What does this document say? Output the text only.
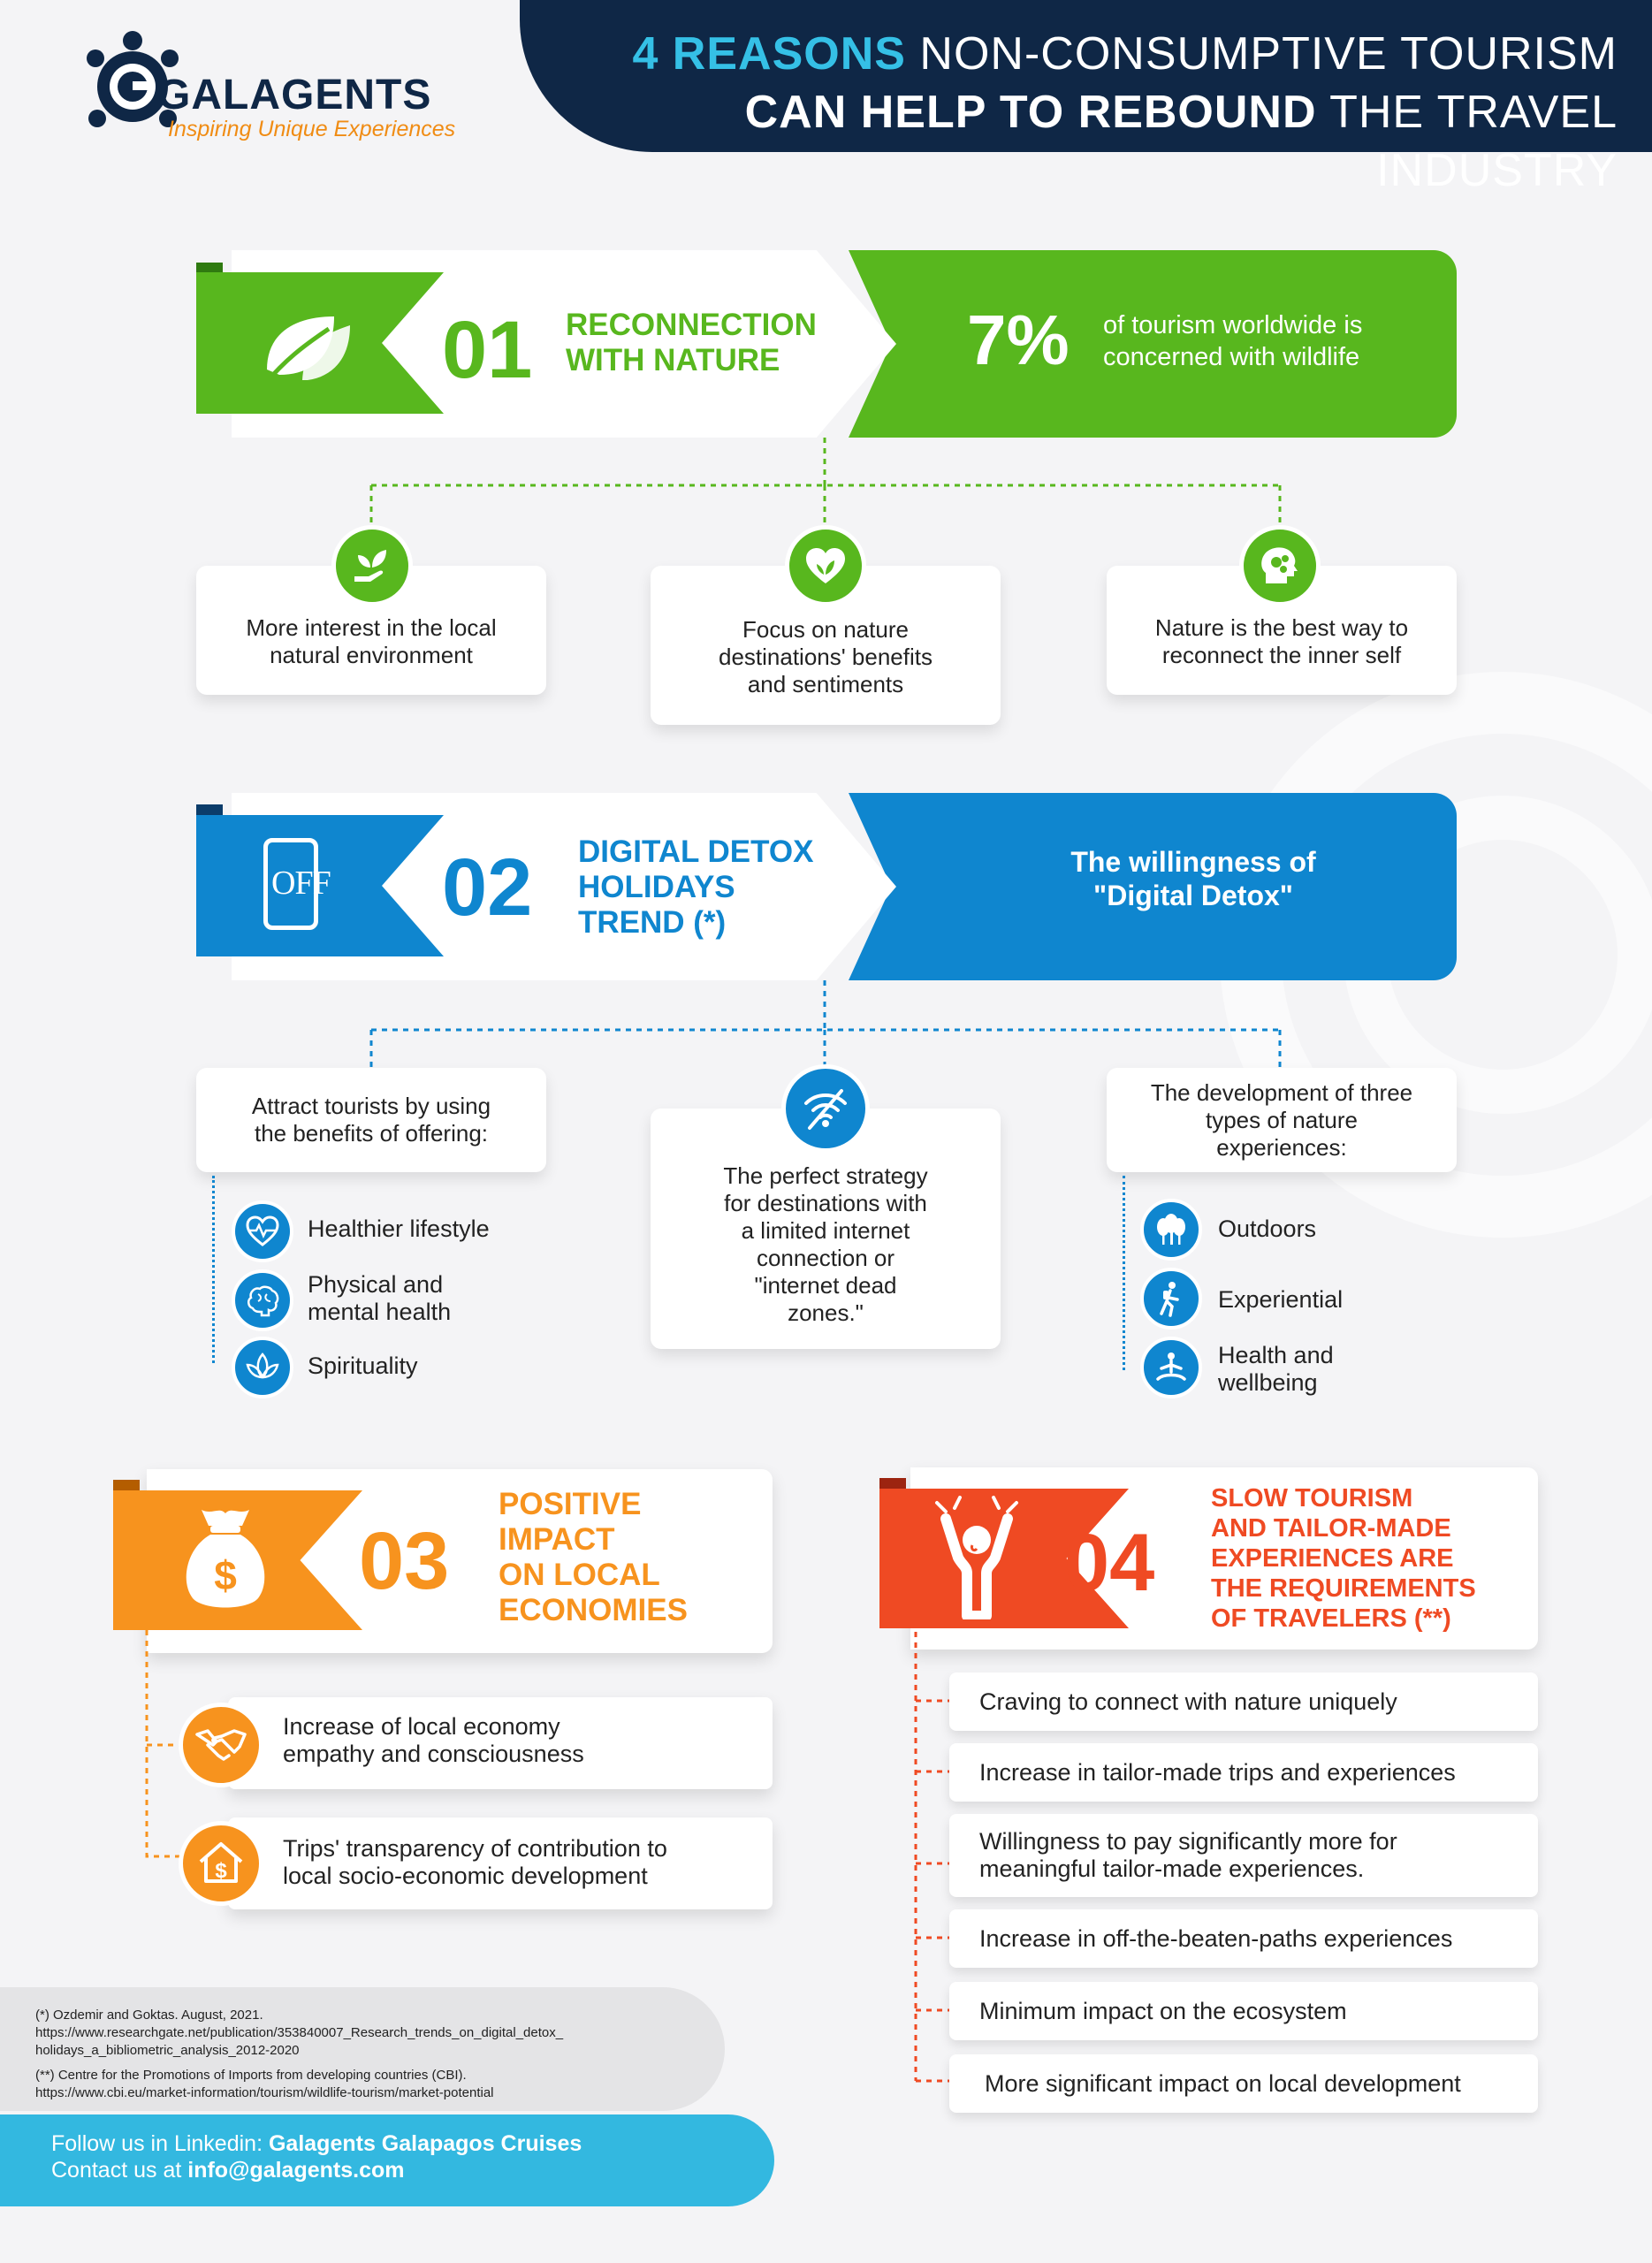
4 REASONS NON-CONSUMPTIVE TOURISM
CAN HELP TO REBOUND THE TRAVEL INDUSTRY
GALAGENTS
Inspiring Unique Experiences
01 RECONNECTION
WITH NATURE	7% of tourism worldwide is
concerned with wildlife
More interest in the local
natural environment
Focus on nature
destinations' benefits
and sentiments
Nature is the best way to
reconnect the inner self
OFF 02 DIGITAL DETOX
HOLIDAYS
TREND (*)
The willingness of
"Digital Detox"
Attract tourists by using
the benefits of offering:
Healthier lifestyle
Physical and
mental health
Spirituality
The perfect strategy
for destinations with
a limited internet
connection or
"internet dead
zones."
The development of three
types of nature
experiences:
Outdoors
Experiential
Health and
wellbeing
$ 03
POSITIVE
IMPACT
ON LOCAL
ECONOMIES
Increase of local economy
empathy and consciousness
$
Trips' transparency of contribution to
local socio-economic development
04
SLOW TOURISM
AND TAILOR-MADE
EXPERIENCES ARE
THE REQUIREMENTS
OF TRAVELERS (**)
Craving to connect with nature uniquely
Increase in tailor-made trips and experiences
Willingness to pay significantly more for
meaningful tailor-made experiences.
Increase in off-the-beaten-paths experiences
Minimum impact on the ecosystem
More significant impact on local development
(*) Ozdemir and Goktas. August, 2021.
https://www.researchgate.net/publication/353840007_Research_trends_on_digital_detox_
holidays_a_bibliometric_analysis_2012-2020
(**) Centre for the Promotions of Imports from developing countries (CBI).
https://www.cbi.eu/market-information/tourism/wildlife-tourism/market-potential
Follow us in Linkedin: Galagents Galapagos Cruises
Contact us at info@galagents.com
